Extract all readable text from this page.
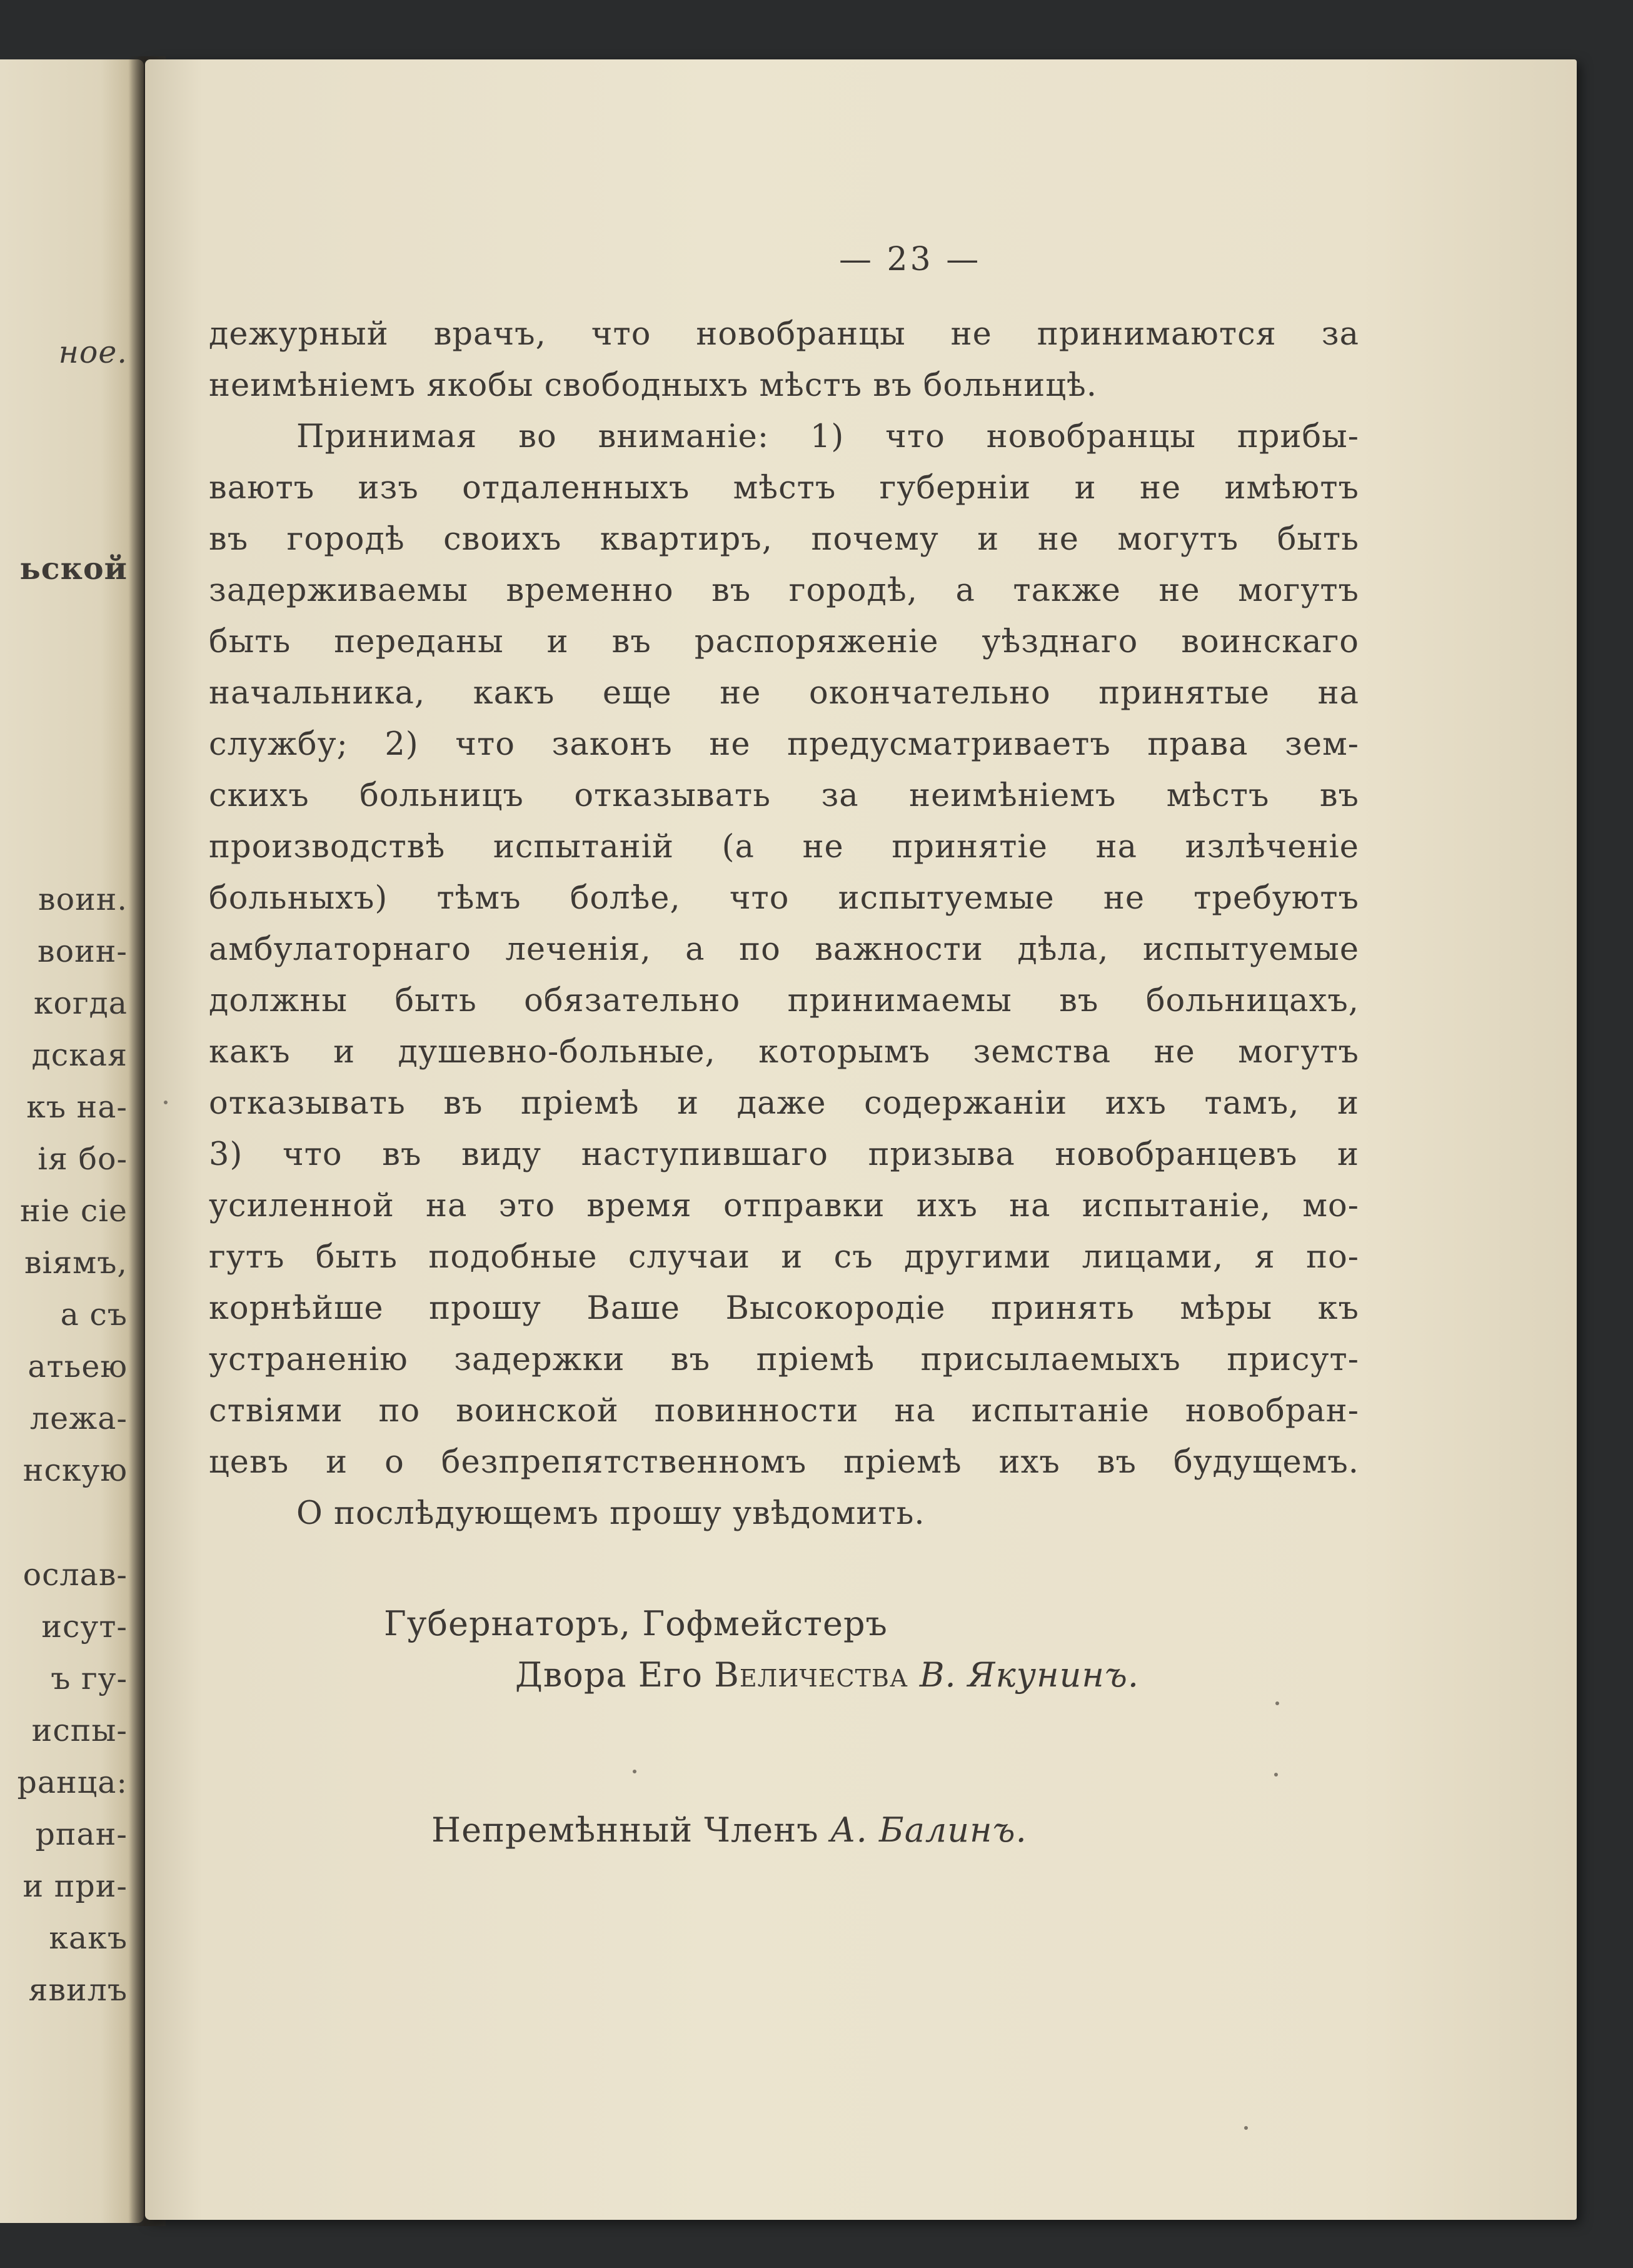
ное.
ьской
воин.
воин-
когда
дская
къ на-
ія бо-
ніе сіе
віямъ,
а съ
атьею
лежа-
нскую
ослав-
исут-
ъ гу-
испы-
ранца:
рпан-
и при-
какъ
явилъ
— 23 —
дежурный врачъ, что новобранцы не принимаются за
неимѣніемъ якобы свободныхъ мѣстъ въ больницѣ.
Принимая во вниманіе: 1) что новобранцы прибы-
ваютъ изъ отдаленныхъ мѣстъ губерніи и не имѣютъ
въ городѣ своихъ квартиръ, почему и не могутъ быть
задерживаемы временно въ городѣ, а также не могутъ
быть переданы и въ распоряженіе уѣзднаго воинскаго
начальника, какъ еще не окончательно принятые на
службу; 2) что законъ не предусматриваетъ права зем-
скихъ больницъ отказывать за неимѣніемъ мѣстъ въ
производствѣ испытаній (а не принятіе на излѣченіе
больныхъ) тѣмъ болѣе, что испытуемые не требуютъ
амбулаторнаго леченія, а по важности дѣла, испытуемые
должны быть обязательно принимаемы въ больницахъ,
какъ и душевно-больные, которымъ земства не могутъ
отказывать въ пріемѣ и даже содержаніи ихъ тамъ, и
3) что въ виду наступившаго призыва новобранцевъ и
усиленной на это время отправки ихъ на испытаніе, мо-
гутъ быть подобные случаи и съ другими лицами, я по-
корнѣйше прошу Ваше Высокородіе принять мѣры къ
устраненію задержки въ пріемѣ присылаемыхъ присут-
ствіями по воинской повинности на испытаніе новобран-
цевъ и о безпрепятственномъ пріемѣ ихъ въ будущемъ.
О послѣдующемъ прошу увѣдомить.
Губернаторъ, Гофмейстеръ
Двора Его Величества В. Якунинъ.
Непремѣнный Членъ А. Балинъ.
